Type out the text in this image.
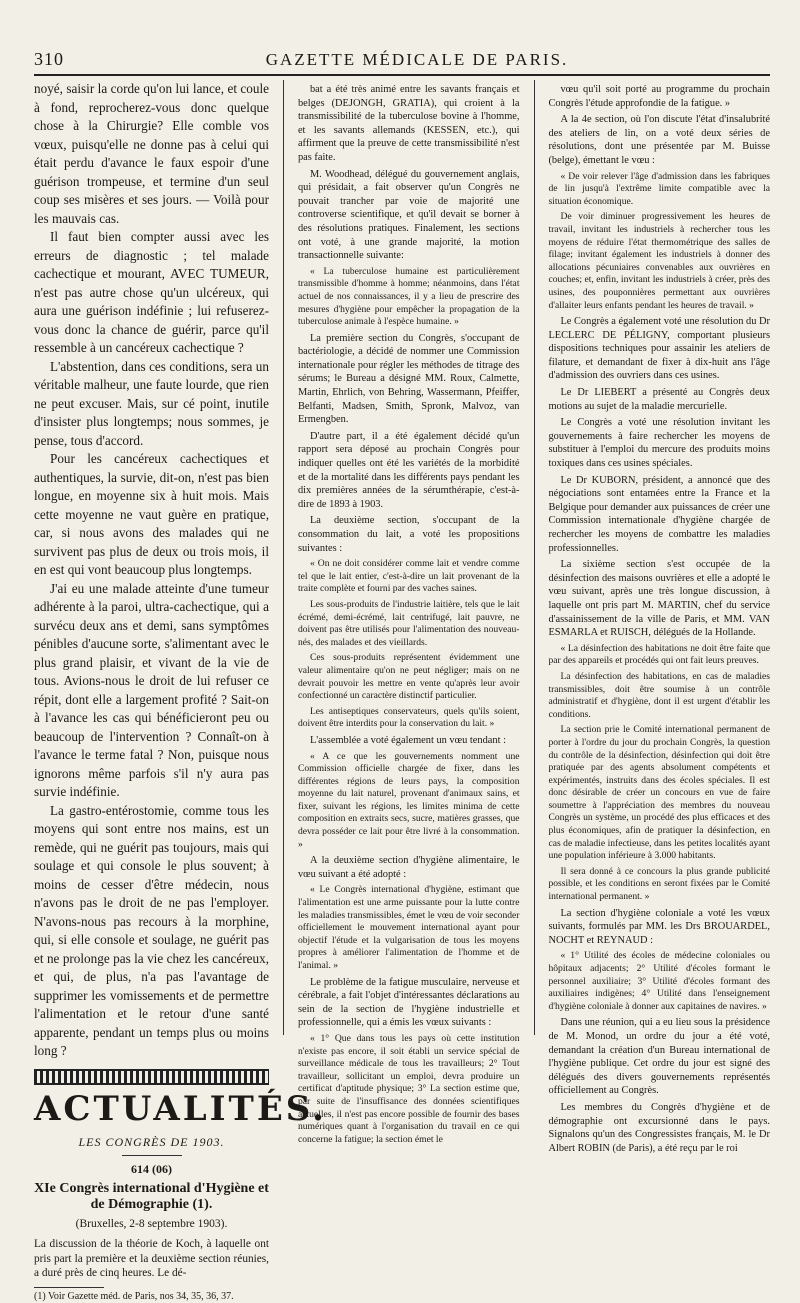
310	GAZETTE MÉDICALE DE PARIS.

noyé, saisir la corde qu'on lui lance, et coule à fond, reprocherez-vous donc quelque chose à la Chirurgie? Elle comble vos vœux, puisqu'elle ne donne pas à celui qui était perdu d'avance le faux espoir d'une guérison trompeuse, et termine d'un seul coup ses misères et ses jours. — Voilà pour les mauvais cas.

Il faut bien compter aussi avec les erreurs de diagnostic ; tel malade cachectique et mourant, AVEC TUMEUR, n'est pas autre chose qu'un ulcéreux, qui aura une guérison indéfinie ; lui refuserez-vous donc la chance de guérir, parce qu'il ressemble à un cancéreux cachectique ?

L'abstention, dans ces conditions, sera un véritable malheur, une faute lourde, que rien ne peut excuser. Mais, sur cé point, inutile d'insister plus longtemps; nous sommes, je pense, tous d'accord.

Pour les cancéreux cachectiques et authentiques, la survie, dit-on, n'est pas bien longue, en moyenne six à huit mois. Mais cette moyenne ne vaut guère en pratique, car, si nous avons des malades qui ne survivent pas plus de deux ou trois mois, il en est qui vont beaucoup plus longtemps.

J'ai eu une malade atteinte d'une tumeur adhérente à la paroi, ultra-cachectique, qui a survécu deux ans et demi, sans symptômes pénibles d'aucune sorte, s'alimentant avec le plus grand plaisir, et vivant de la vie de tous. Avions-nous le droit de lui refuser ce répit, dont elle a largement profité ? Sait-on à l'avance les cas qui bénéficieront peu ou beaucoup de l'intervention ? Connaît-on à l'avance le terme fatal ? Non, puisque nous ignorons même parfois s'il n'y aura pas survie indéfinie.

La gastro-entérostomie, comme tous les moyens qui sont entre nos mains, est un remède, qui ne guérit pas toujours, mais qui soulage et qui console le plus souvent; à moins de cesser d'être médecin, nous n'avons pas le droit de ne pas l'employer. N'avons-nous pas recours à la morphine, qui, si elle console et soulage, ne guérit pas et ne prolonge pas la vie chez les cancéreux, et qui, de plus, n'a pas l'avantage de supprimer les vomissements et de permettre l'alimentation et le retour d'une santé apparente, pendant un temps plus ou moins long ?

ACTUALITÉS.
LES CONGRÈS DE 1903.
614 (06)
XIe Congrès international d'Hygiène et de Démographie (1).
(Bruxelles, 2-8 septembre 1903).

La discussion de la théorie de Koch, à laquelle ont pris part la première et la deuxième section réunies, a duré près de cinq heures. Le dé-

(1) Voir Gazette méd. de Paris, nos 34, 35, 36, 37.

bat a été très animé entre les savants français et belges (DEJONGH, GRATIA), qui croient à la transmissibilité de la tuberculose bovine à l'homme, et les savants allemands (KESSEN, etc.), qui affirment que la preuve de cette transmissibilité n'est pas faite.

M. Woodhead, délégué du gouvernement anglais, qui présidait, a fait observer qu'un Congrès ne pouvait trancher par voie de majorité une controverse scientifique, et qu'il devait se borner à des résolutions pratiques. Finalement, les sections ont voté, à une grande majorité, la motion transactionnelle suivante:

« La tuberculose humaine est particulièrement transmissible d'homme à homme; néanmoins, dans l'état actuel de nos connaissances, il y a lieu de prescrire des mesures d'hygiène pour empêcher la propagation de la tuberculose animale à l'espèce humaine. »

La première section du Congrès, s'occupant de bactériologie, a décidé de nommer une Commission internationale pour régler les méthodes de titrage des sérums; le Bureau a désigné MM. Roux, Calmette, Martin, Ehrlich, von Behring, Wassermann, Pfeiffer, Belfanti, Madsen, Smith, Spronk, Malvoz, van Ermengben.

D'autre part, il a été également décidé qu'un rapport sera déposé au prochain Congrès pour indiquer quelles ont été les variétés de la morbidité et de la mortalité dans les différents pays pendant les dix premières années de la sérumthérapie, c'est-à-dire de 1893 à 1903.

La deuxième section, s'occupant de la consommation du lait, a voté les propositions suivantes :

« On ne doit considérer comme lait et vendre comme tel que le lait entier, c'est-à-dire un lait provenant de la traite complète et fourni par des vaches saines.

Les sous-produits de l'industrie laitière, tels que le lait écrémé, demi-écrémé, lait centrifugé, lait pauvre, ne doivent pas être utilisés pour l'alimentation des nouveau-nés, des malades et des vieillards.

Ces sous-produits représentent évidemment une valeur alimentaire qu'on ne peut négliger; mais on ne devrait pouvoir les mettre en vente qu'après leur avoir confectionné un caractère distinctif particulier.

Les antiseptiques conservateurs, quels qu'ils soient, doivent être interdits pour la conservation du lait. »

L'assemblée a voté également un vœu tendant :

« A ce que les gouvernements nomment une Commission officielle chargée de fixer, dans les différentes régions de leurs pays, la composition moyenne du lait naturel, provenant d'animaux sains, et fixer, suivant les régions, les limites minima de cette composition en extraits secs, sucre, matières grasses, que devra posséder ce lait pour être livré à la consommation. »

A la deuxième section d'hygiène alimentaire, le vœu suivant a été adopté :

« Le Congrès international d'hygiène, estimant que l'alimentation est une arme puissante pour la lutte contre les maladies transmissibles, émet le vœu de voir seconder officiellement le mouvement international ayant pour objectif l'étude et la vulgarisation de tous les moyens propres à améliorer l'alimentation de l'homme et de l'animal. »

Le problème de la fatigue musculaire, nerveuse et cérébrale, a fait l'objet d'intéressantes déclarations au sein de la section de l'hygiène industrielle et professionnelle, qui a émis les vœux suivants :

« 1° Que dans tous les pays où cette institution n'existe pas encore, il soit établi un service spécial de surveillance médicale de tous les travailleurs; 2° Tout travailleur, sollicitant un emploi, devra produire un certificat d'aptitude physique; 3° La section estime que, par suite de l'insuffisance des données scientifiques actuelles, il n'est pas encore possible de fournir des bases numériques quant à l'organisation du travail en ce qui concerne la fatigue; la section émet le

vœu qu'il soit porté au programme du prochain Congrès l'étude approfondie de la fatigue. »

A la 4e section, où l'on discute l'état d'insalubrité des ateliers de lin, on a voté deux séries de résolutions, dont une présentée par M. Buisse (belge), émettant le vœu :

« De voir relever l'âge d'admission dans les fabriques de lin jusqu'à l'extrême limite compatible avec la situation économique.

De voir diminuer progressivement les heures de travail, invitant les industriels à rechercher tous les moyens de réduire l'état thermométrique des salles de filage; invitant également les industriels à donner des allocations pécuniaires convenables aux ouvrières en couches; et, enfin, invitant les industriels à créer, près des usines, des pouponnières permettant aux ouvrières d'allaiter leurs enfants pendant les heures de travail. »

Le Congrès a également voté une résolution du Dr LECLERC DE PÉLIGNY, comportant plusieurs dispositions techniques pour assainir les ateliers de filature, et demandant de fixer à dix-huit ans l'âge d'admission des ouvriers dans ces usines.

Le Dr LIEBERT a présenté au Congrès deux motions au sujet de la maladie mercurielle.

Le Congrès a voté une résolution invitant les gouvernements à faire rechercher les moyens de substituer à l'emploi du mercure des produits moins toxiques dans ces usines spéciales.

Le Dr KUBORN, président, a annoncé que des négociations sont entamées entre la France et la Belgique pour demander aux puissances de créer une Commission internationale d'hygiène chargée de rechercher les moyens de combattre les maladies professionnelles.

La sixième section s'est occupée de la désinfection des maisons ouvrières et elle a adopté le vœu suivant, après une très longue discussion, à laquelle ont pris part M. MARTIN, chef du service d'assainissement de la ville de Paris, et MM. VAN ESMARLA et RUISCH, délégués de la Hollande.

« La désinfection des habitations ne doit être faite que par des appareils et procédés qui ont fait leurs preuves.

La désinfection des habitations, en cas de maladies transmissibles, doit être soumise à un contrôle administratif et d'hygiène, dont il est urgent d'établir les conditions.

La section prie le Comité international permanent de porter à l'ordre du jour du prochain Congrès, la question du contrôle de la désinfection, désinfection qui doit être pratiquée par des agents absolument compétents et expérimentés, instruits dans des écoles spéciales. Il est donc désirable de créer un concours en vue de faire soumettre à l'appréciation des membres du nouveau Congrès un système, un procédé des plus efficaces et des plus économiques, afin de pratiquer la désinfection, en cas de maladie infectieuse, dans les petites localités ayant une population inférieure à 3.000 habitants.

Il sera donné à ce concours la plus grande publicité possible, et les conditions en seront fixées par le Comité international permanent. »

La section d'hygiène coloniale a voté les vœux suivants, formulés par MM. les Drs BROUARDEL, NOCHT et REYNAUD :

« 1° Utilité des écoles de médecine coloniales ou hôpitaux adjacents; 2° Utilité d'écoles formant le personnel auxiliaire; 3° Utilité d'écoles formant des auxiliaires indigènes; 4° Utilité dans l'enseignement d'hygiène coloniale à donner aux capitaines de navires. »

Dans une réunion, qui a eu lieu sous la présidence de M. Monod, un ordre du jour a été voté, demandant la création d'un Bureau international de l'hygiène publique. Cet ordre du jour est signé des délégués des divers gouvernements représentés officiellement au Congrès.

Les membres du Congrès d'hygiène et de démographie ont excursionné dans le pays. Signalons qu'un des Congressistes français, M. le Dr Albert ROBIN (de Paris), a été reçu par le roi
